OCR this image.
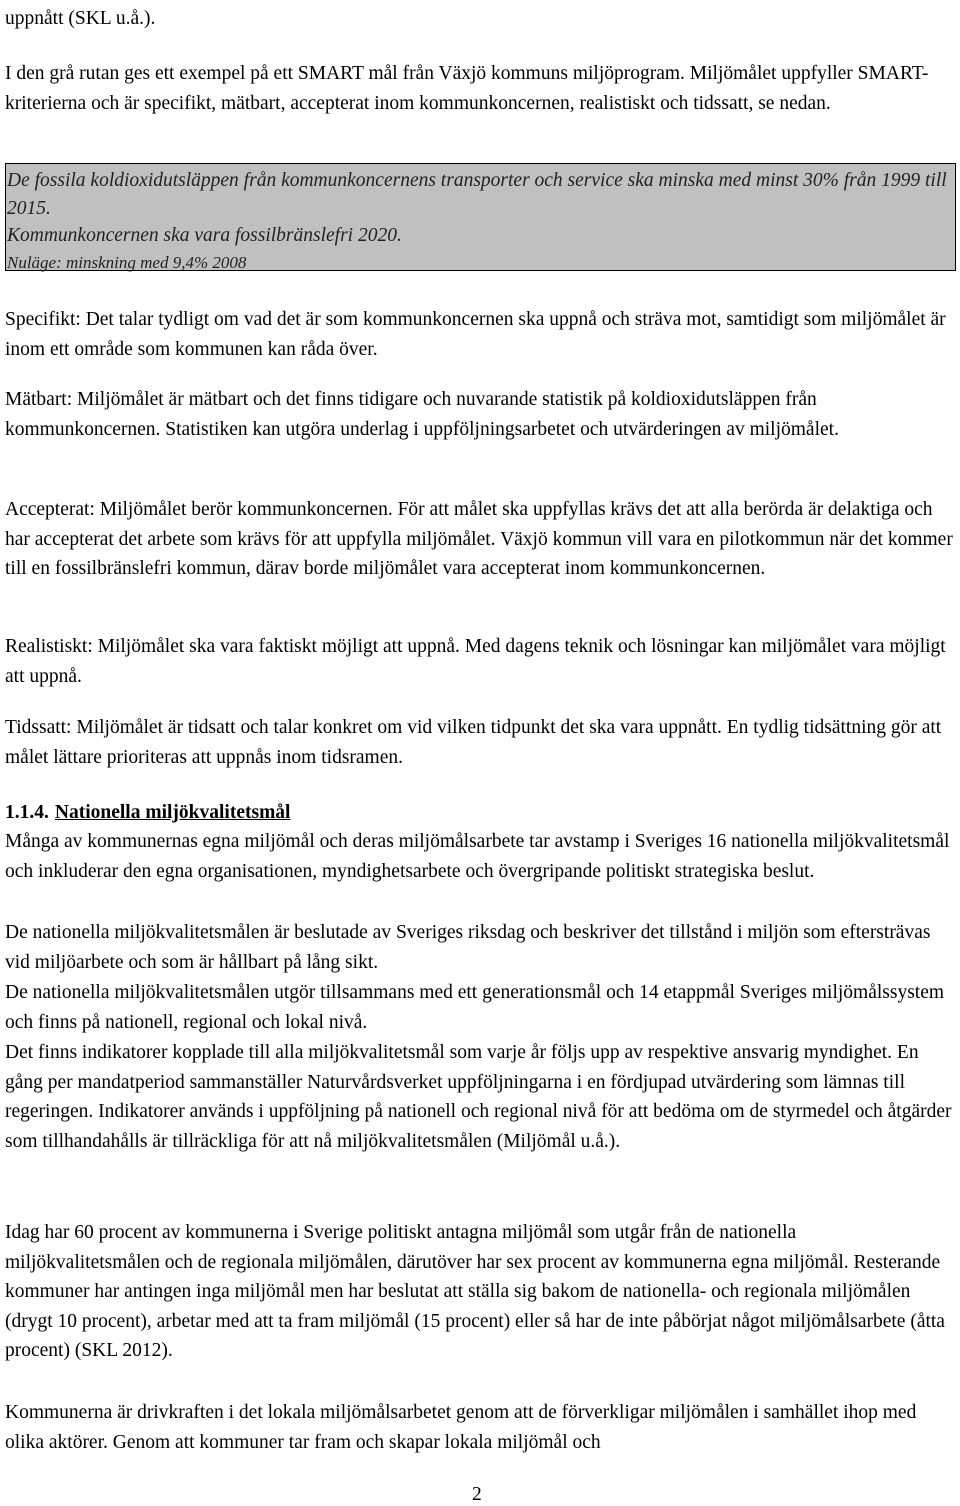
uppnått (SKL u.å.).

I den grå rutan ges ett exempel på ett SMART mål från Växjö kommuns miljöprogram. Miljömålet uppfyller SMART-kriterierna och är specifikt, mätbart, accepterat inom kommunkoncernen, realistiskt och tidssatt, se nedan.

De fossila koldioxidutsläppen från kommunkoncernens transporter och service ska minska med minst 30% från 1999 till 2015.

Kommunkoncernen ska vara fossilbränslefri 2020.

Nuläge: minskning med 9,4% 2008

Specifikt: Det talar tydligt om vad det är som kommunkoncernen ska uppnå och sträva mot, samtidigt som miljömålet är inom ett område som kommunen kan råda över.

Mätbart: Miljömålet är mätbart och det finns tidigare och nuvarande statistik på koldioxidutsläppen från kommunkoncernen. Statistiken kan utgöra underlag i uppföljningsarbetet och utvärderingen av miljömålet.

Accepterat: Miljömålet berör kommunkoncernen. För att målet ska uppfyllas krävs det att alla berörda är delaktiga och har accepterat det arbete som krävs för att uppfylla miljömålet. Växjö kommun vill vara en pilotkommun när det kommer till en fossilbränslefri kommun, därav borde miljömålet vara accepterat inom kommunkoncernen.

Realistiskt: Miljömålet ska vara faktiskt möjligt att uppnå. Med dagens teknik och lösningar kan miljömålet vara möjligt att uppnå.

Tidssatt: Miljömålet är tidsatt och talar konkret om vid vilken tidpunkt det ska vara uppnått. En tydlig tidsättning gör att målet lättare prioriteras att uppnås inom tidsramen.

1.1.4. Nationella miljökvalitetsmål

Många av kommunernas egna miljömål och deras miljömålsarbete tar avstamp i Sveriges 16 nationella miljökvalitetsmål och inkluderar den egna organisationen, myndighetsarbete och övergripande politiskt strategiska beslut.

De nationella miljökvalitetsmålen är beslutade av Sveriges riksdag och beskriver det tillstånd i miljön som eftersträvas vid miljöarbete och som är hållbart på lång sikt.

De nationella miljökvalitetsmålen utgör tillsammans med ett generationsmål och 14 etappmål Sveriges miljömålssystem och finns på nationell, regional och lokal nivå.

Det finns indikatorer kopplade till alla miljökvalitetsmål som varje år följs upp av respektive ansvarig myndighet. En gång per mandatperiod sammanställer Naturvårdsverket uppföljningarna i en fördjupad utvärdering som lämnas till regeringen. Indikatorer används i uppföljning på nationell och regional nivå för att bedöma om de styrmedel och åtgärder som tillhandahålls är tillräckliga för att nå miljökvalitetsmålen (Miljömål u.å.).

Idag har 60 procent av kommunerna i Sverige politiskt antagna miljömål som utgår från de nationella miljökvalitetsmålen och de regionala miljömålen, därutöver har sex procent av kommunerna egna miljömål. Resterande kommuner har antingen inga miljömål men har beslutat att ställa sig bakom de nationella- och regionala miljömålen (drygt 10 procent), arbetar med att ta fram miljömål (15 procent) eller så har de inte påbörjat något miljömålsarbete (åtta procent) (SKL 2012).

Kommunerna är drivkraften i det lokala miljömålsarbetet genom att de förverkligar miljömålen i samhället ihop med olika aktörer. Genom att kommuner tar fram och skapar lokala miljömål och

2
